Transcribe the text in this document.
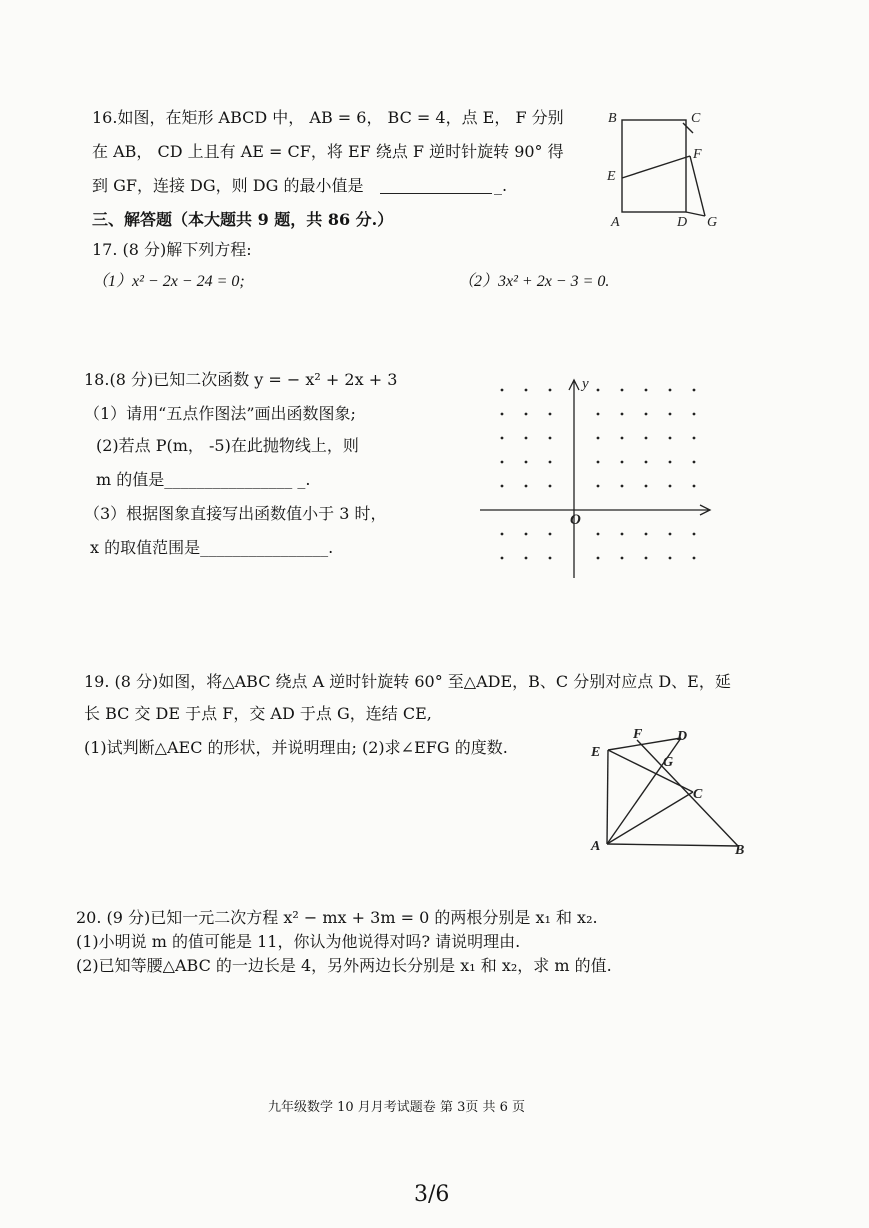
16.如图，在矩形 ABCD 中， AB = 6， BC = 4，点 E， F 分别
在 AB， CD 上且有 AE = CF，将 EF 绕点 F 逆时针旋转 90° 得
到 GF，连接 DG，则 DG 的最小值是	_.
B	C
F
E
A	D G
三、解答题（本大题共 9 题，共 86 分.）
17. (8 分)解下列方程:
（1）x² − 2x − 24 = 0;	（2）3x² + 2x − 3 = 0.
18.(8 分)已知二次函数 y = − x² + 2x + 3
（1）请用“五点作图法”画出函数图象;
(2)若点 P(m， -5)在此抛物线上，则
m 的值是________________ _.
（3）根据图象直接写出函数值小于 3 时，
x 的取值范围是________________.
y
O
19. (8 分)如图，将△ABC 绕点 A 逆时针旋转 60° 至△ADE，B、C 分别对应点 D、E，延
长 BC 交 DE 于点 F，交 AD 于点 G，连结 CE,
(1)试判断△AEC 的形状，并说明理由; (2)求∠EFG 的度数.	E
F D
G
C
A	B
20. (9 分)已知一元二次方程 x² − mx + 3m = 0 的两根分别是 x₁ 和 x₂.
(1)小明说 m 的值可能是 11，你认为他说得对吗? 请说明理由.
(2)已知等腰△ABC 的一边长是 4，另外两边长分别是 x₁ 和 x₂，求 m 的值.
九年级数学 10 月月考试题卷 第 3页 共 6 页
3/6
